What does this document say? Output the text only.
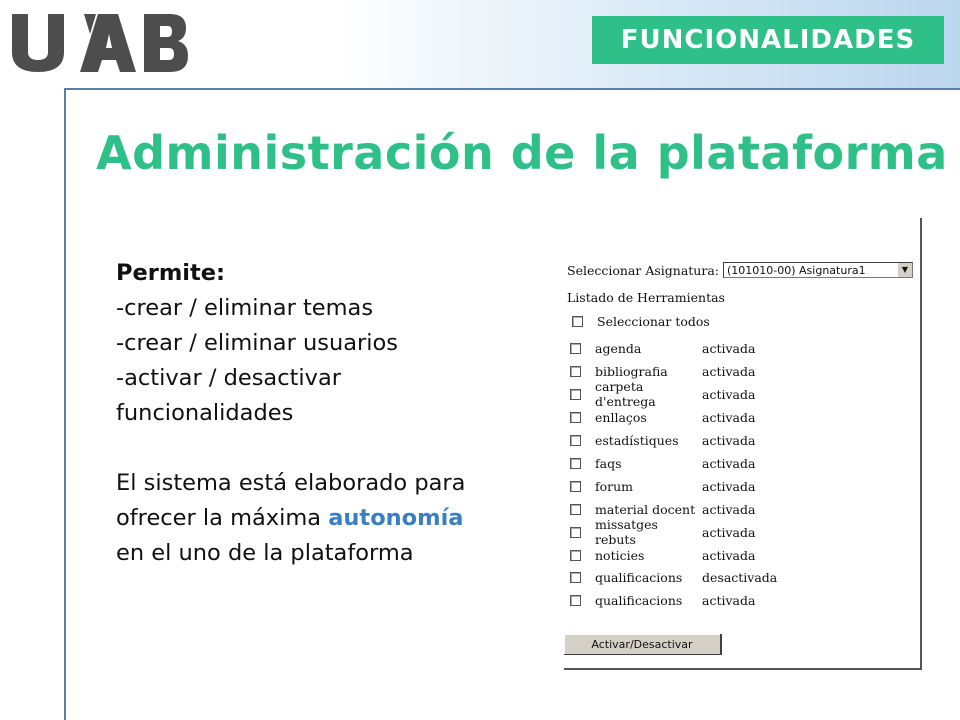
FUNCIONALIDADES
Administración de la plataforma
Permite:
-crear / eliminar temas
-crear / eliminar usuarios
-activar / desactivar
funcionalidades
El sistema está elaborado para
ofrecer la máxima autonomía
en el uno de la plataforma
Seleccionar Asignatura: (101010-00) Asignatura1	▼
Listado de Herramientas
Seleccionar todos
agenda	activada
bibliografia	activada
carpeta d'entrega	activada
enllaços	activada
estadístiques	activada
faqs	activada
forum	activada
material docent activada
missatges rebuts	activada
noticies	activada
qualificacions	desactivada
qualificacions	activada
Activar/Desactivar
